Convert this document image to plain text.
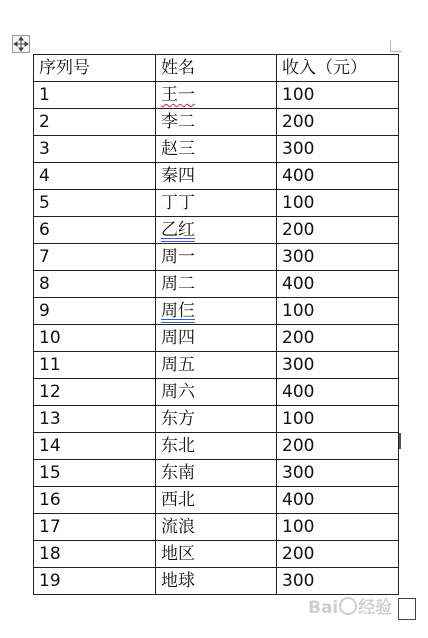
序列号	姓名	收入（元）
1	王一	100
2	李二	200
3	赵三	300
4	秦四	400
5	丁丁	100
6	乙红	200
7	周一	300
8	周二	400
9	周仨	100
10	周四	200
11	周五	300
12	周六	400
13	东方	100
14	东北	200
15	东南	300
16	西北	400
17	流浪	100
18	地区	200
19	地球	300
Bai 经验
